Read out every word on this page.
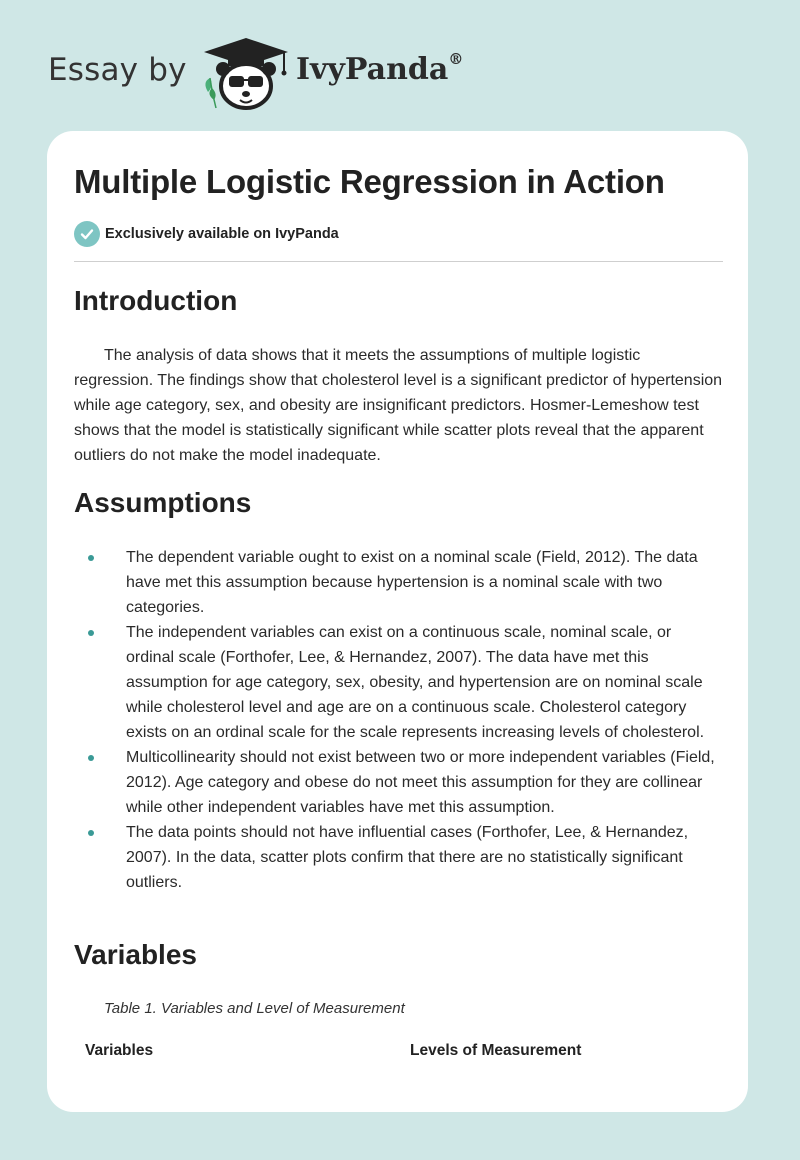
Essay by	IvyPanda®
Multiple Logistic Regression in Action
Exclusively available on IvyPanda
Introduction

The analysis of data shows that it meets the assumptions of multiple logistic regression. The findings show that cholesterol level is a significant predictor of hypertension while age category, sex, and obesity are insignificant predictors. Hosmer-Lemeshow test shows that the model is statistically significant while scatter plots reveal that the apparent outliers do not make the model inadequate.

Assumptions
The dependent variable ought to exist on a nominal scale (Field, 2012). The data have met this assumption because hypertension is a nominal scale with two categories.
The independent variables can exist on a continuous scale, nominal scale, or ordinal scale (Forthofer, Lee, & Hernandez, 2007). The data have met this assumption for age category, sex, obesity, and hypertension are on nominal scale while cholesterol level and age are on a continuous scale. Cholesterol category exists on an ordinal scale for the scale represents increasing levels of cholesterol.
Multicollinearity should not exist between two or more independent variables (Field, 2012). Age category and obese do not meet this assumption for they are collinear while other independent variables have met this assumption.
The data points should not have influential cases (Forthofer, Lee, & Hernandez, 2007). In the data, scatter plots confirm that there are no statistically significant outliers.
Variables
Table 1. Variables and Level of Measurement
Variables	Levels of Measurement
